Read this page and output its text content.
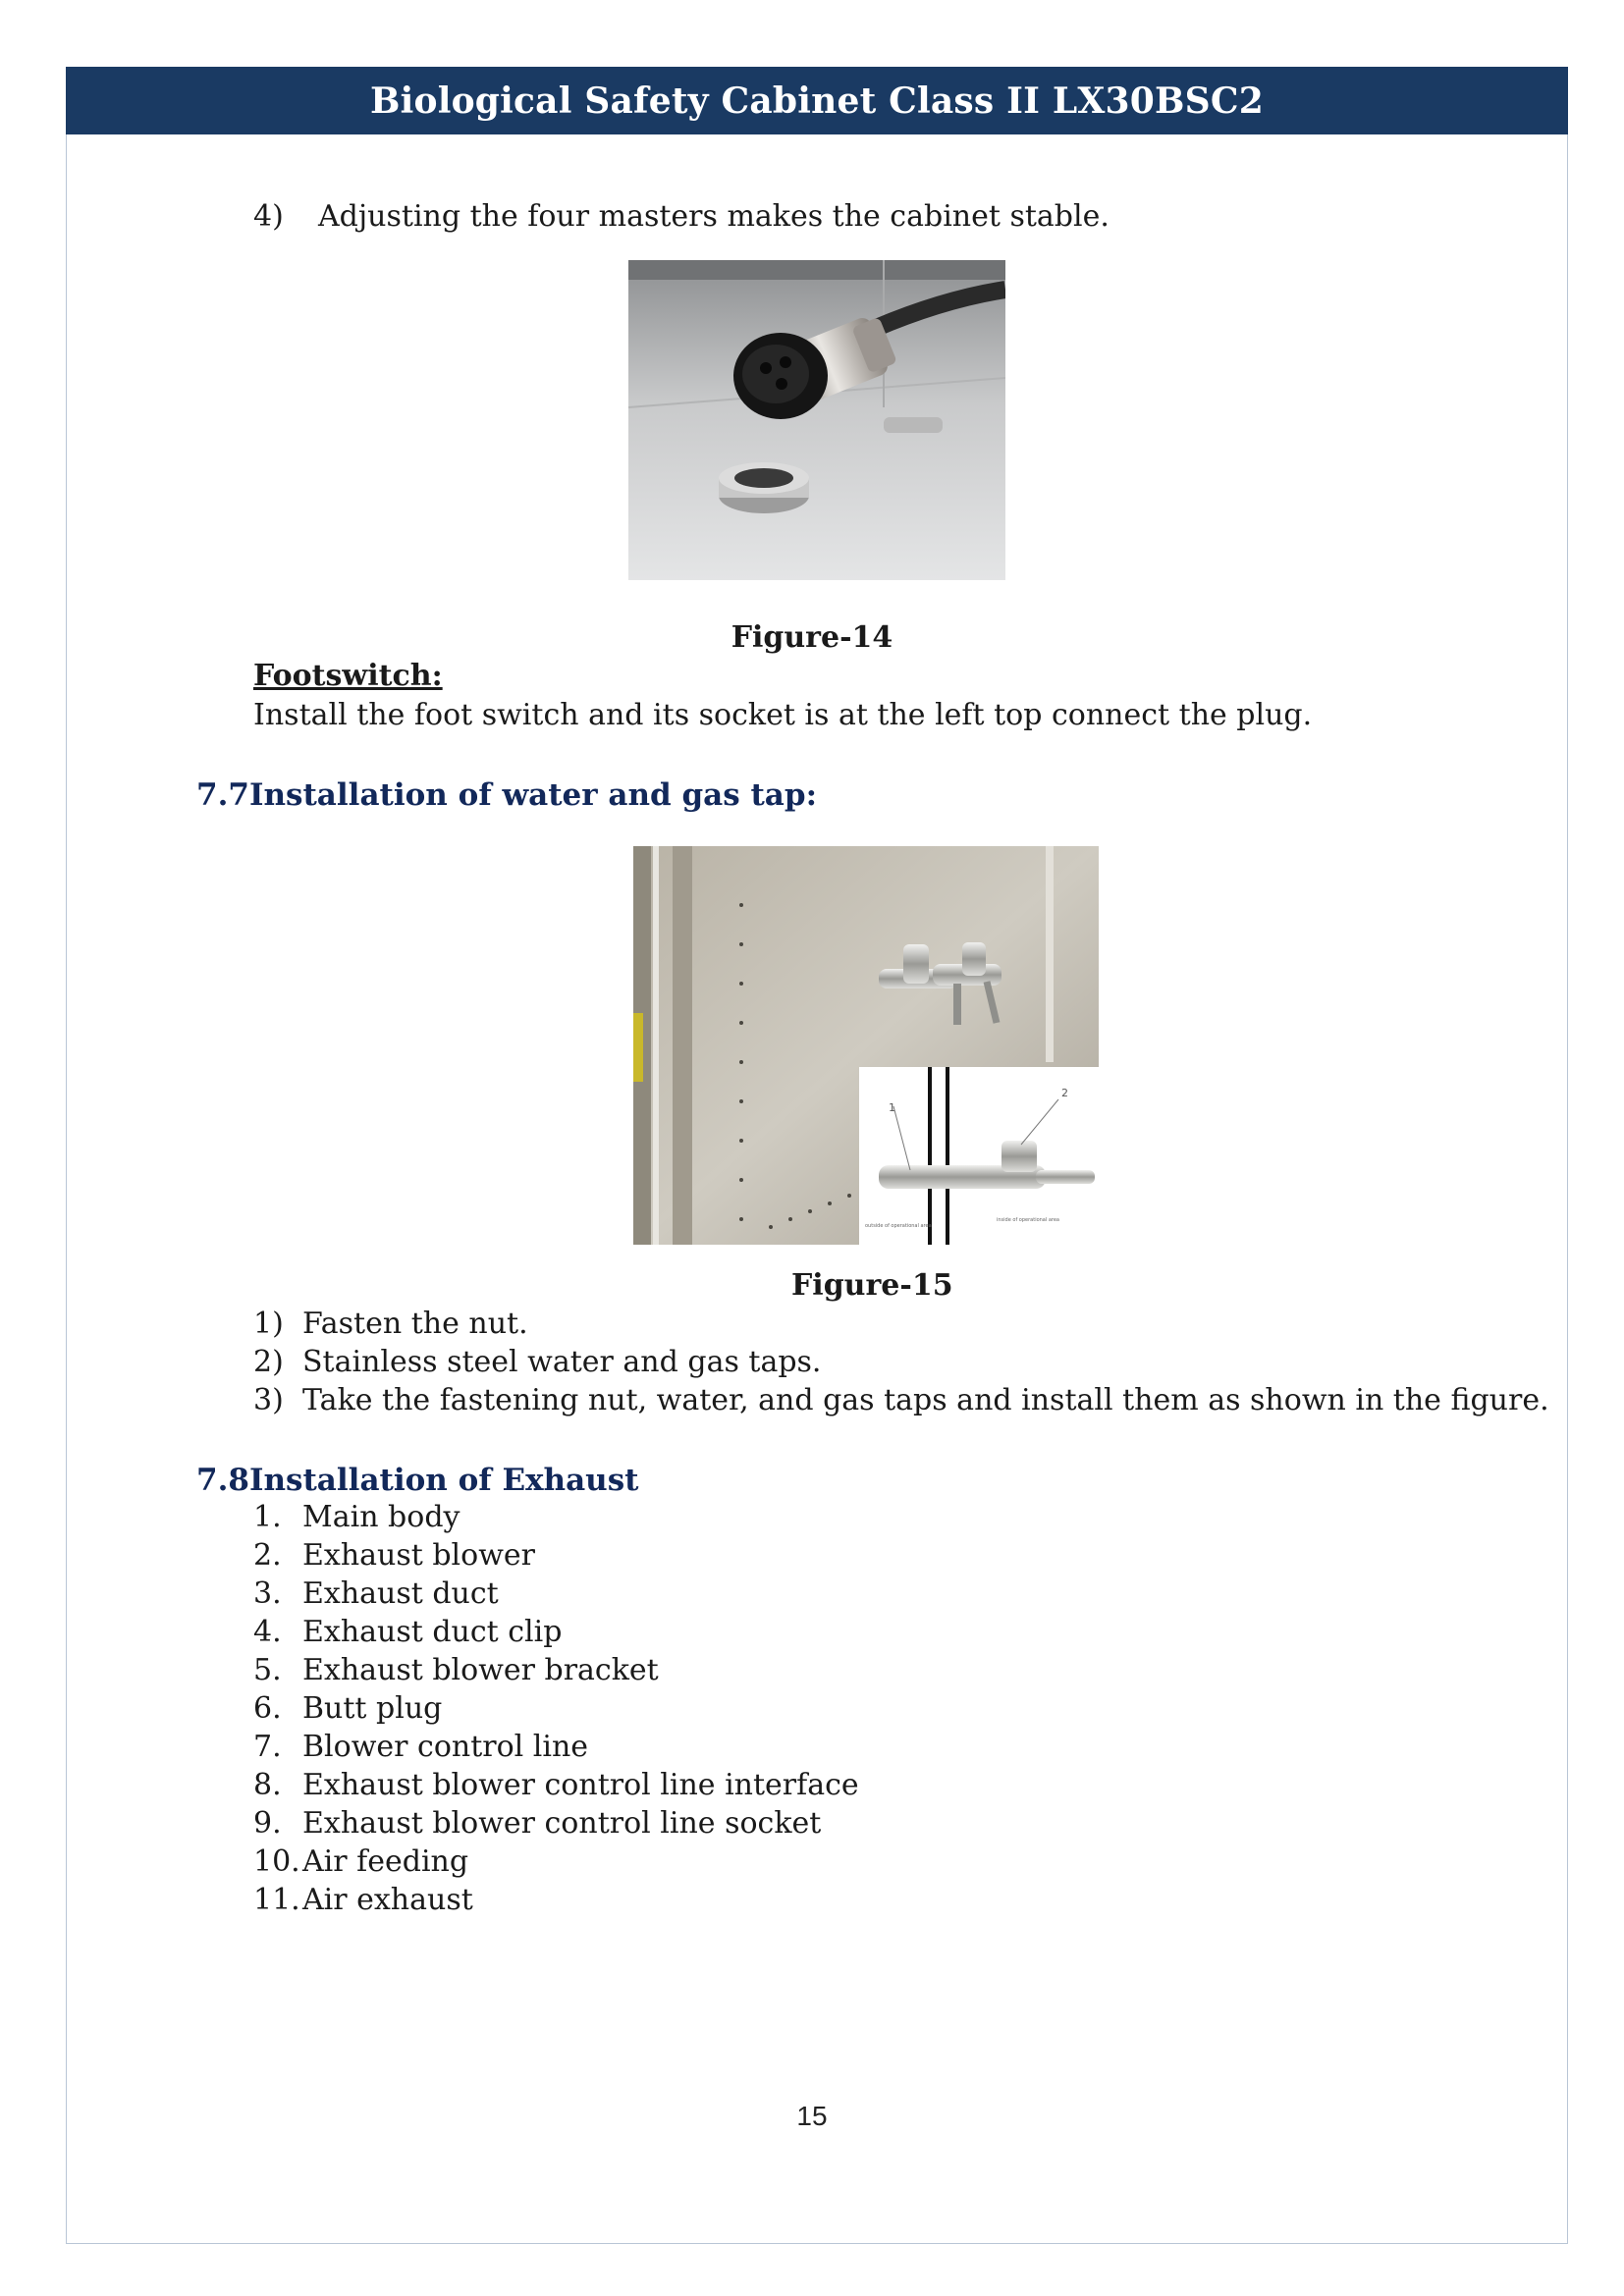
Biological Safety Cabinet Class II LX30BSC2
4) Adjusting the four masters makes the cabinet stable.
Figure-14
Footswitch:
Install the foot switch and its socket is at the left top connect the plug.
7.7Installation of water and gas tap:
1
2
outside of operational area
inside of operational area
Figure-15
1) Fasten the nut.
2) Stainless steel water and gas taps.
3) Take the fastening nut, water, and gas taps and install them as shown in the figure.
7.8Installation of Exhaust
1. Main body
2. Exhaust blower
3. Exhaust duct
4. Exhaust duct clip
5. Exhaust blower bracket
6. Butt plug
7. Blower control line
8. Exhaust blower control line interface
9. Exhaust blower control line socket
10.Air feeding
11.Air exhaust
15
